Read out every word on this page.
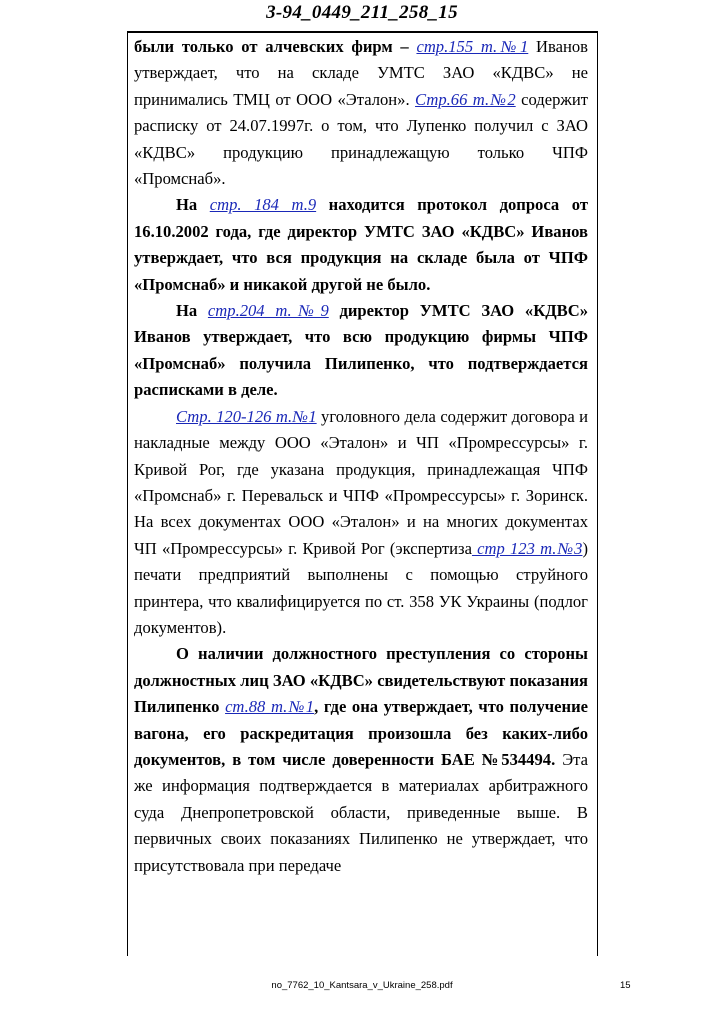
3-94_0449_211_258_15

были только от алчевских фирм – стр.155 т.№1 Иванов утверждает, что на складе УМТС ЗАО «КДВС» не принимались ТМЦ от ООО «Эталон». Стр.66 т.№2 содержит расписку от 24.07.1997г. о том, что Лупенко получил с ЗАО «КДВС» продукцию принадлежащую только ЧПФ «Промснаб».

На стр. 184 т.9 находится протокол допроса от 16.10.2002 года, где директор УМТС ЗАО «КДВС» Иванов утверждает, что вся продукция на складе была от ЧПФ «Промснаб» и никакой другой не было.

На стр.204 т.№9 директор УМТС ЗАО «КДВС» Иванов утверждает, что всю продукцию фирмы ЧПФ «Промснаб» получила Пилипенко, что подтверждается расписками в деле.

Стр. 120-126 т.№1 уголовного дела содержит договора и накладные между ООО «Эталон» и ЧП «Промрессурсы» г. Кривой Рог, где указана продукция, принадлежащая ЧПФ «Промснаб» г. Перевальск и ЧПФ «Промрессурсы» г. Зоринск. На всех документах ООО «Эталон» и на многих документах ЧП «Промрессурсы» г. Кривой Рог (экспертиза стр 123 т.№3) печати предприятий выполнены с помощью струйного принтера, что квалифицируется по ст. 358 УК Украины (подлог документов).

О наличии должностного преступления со стороны должностных лиц ЗАО «КДВС» свидетельствуют показания Пилипенко ст.88 т.№1, где она утверждает, что получение вагона, его раскредитация произошла без каких-либо документов, в том числе доверенности БАЕ №534494. Эта же информация подтверждается в материалах арбитражного суда Днепропетровской области, приведенные выше. В первичных своих показаниях Пилипенко не утверждает, что присутствовала при передаче

no_7762_10_Kantsara_v_Ukraine_258.pdf	15
